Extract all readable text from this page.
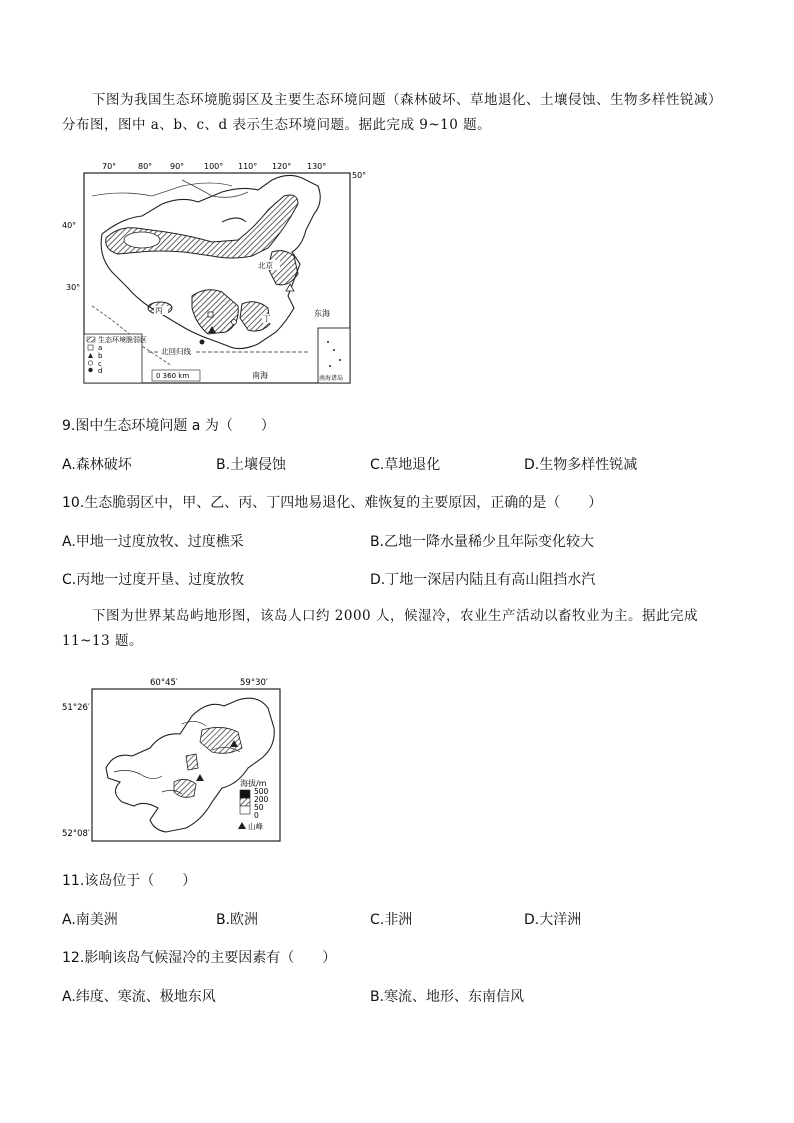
下图为我国生态环境脆弱区及主要生态环境问题（森林破坏、草地退化、土壤侵蚀、生物多样性锐减）分布图，图中 a、b、c、d 表示生态环境问题。据此完成 9~10 题。
70°	80° 90° 100° 110° 120° 130°
40°
30°
50°
北京
丙
丁
东海
南海
北回归线
南海诸岛
生态环境脆弱区
a
b
c
d
0 360 km
9.图中生态环境问题 a 为（　　）
A.森林破坏	B.土壤侵蚀	C.草地退化	D.生物多样性锐减
10.生态脆弱区中，甲、乙、丙、丁四地易退化、难恢复的主要原因，正确的是（　　）
A.甲地一过度放牧、过度樵采	B.乙地一降水量稀少且年际变化较大
C.丙地一过度开垦、过度放牧	D.丁地一深居内陆且有高山阻挡水汽
下图为世界某岛屿地形图，该岛人口约 2000 人，候湿冷，农业生产活动以畜牧业为主。据此完成 11~13 题。
60°45′	59°30′
51°26′
52°08′
海拔/m
500
200
50
0
山峰
11.该岛位于（　　）
A.南美洲	B.欧洲	C.非洲	D.大洋洲
12.影响该岛气候湿冷的主要因素有（　　）
A.纬度、寒流、极地东风	B.寒流、地形、东南信风
